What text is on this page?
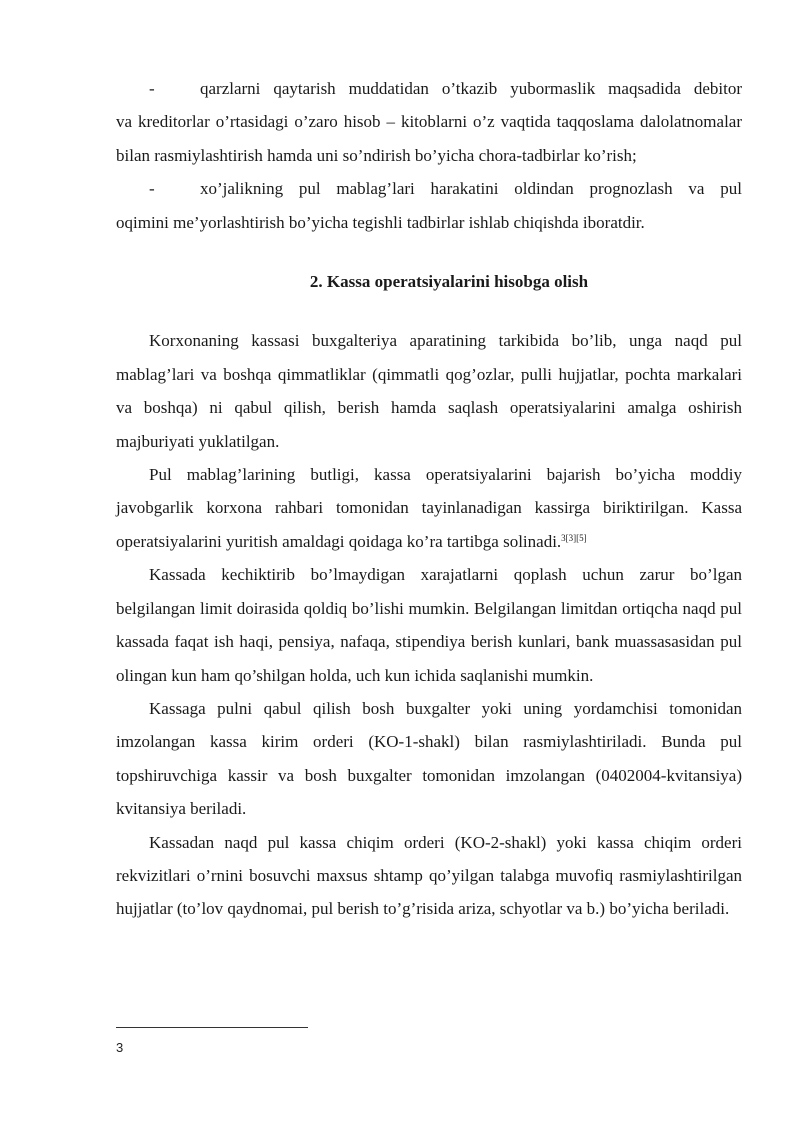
-	qarzlarni qaytarish muddatidan o’tkazib yubormaslik maqsadida debitor
va kreditorlar o’rtasidagi o’zaro hisob – kitoblarni o’z vaqtida taqqoslama dalolatnomalar bilan rasmiylashtirish hamda uni so’ndirish bo’yicha chora-tadbirlar ko’rish;
-	xo’jalikning pul mablag’lari harakatini oldindan prognozlash va pul
oqimini me’yorlashtirish bo’yicha tegishli tadbirlar ishlab chiqishda iboratdir.
2. Kassa operatsiyalarini hisobga olish

Korxonaning kassasi buxgalteriya aparatining tarkibida bo’lib, unga naqd pul mablag’lari va boshqa qimmatliklar (qimmatli qog’ozlar, pulli hujjatlar, pochta markalari va boshqa) ni qabul qilish, berish hamda saqlash operatsiyalarini amalga oshirish majburiyati yuklatilgan.

Pul mablag’larining butligi, kassa operatsiyalarini bajarish bo’yicha moddiy javobgarlik korxona rahbari tomonidan tayinlanadigan kassirga biriktirilgan. Kassa operatsiyalarini yuritish amaldagi qoidaga ko’ra tartibga solinadi.$^{3[3][5]}$

Kassada kechiktirib bo’lmaydigan xarajatlarni qoplash uchun zarur bo’lgan belgilangan limit doirasida qoldiq bo’lishi mumkin. Belgilangan limitdan ortiqcha naqd pul kassada faqat ish haqi, pensiya, nafaqa, stipendiya berish kunlari, bank muassasasidan pul olingan kun ham qo’shilgan holda, uch kun ichida saqlanishi mumkin.

Kassaga pulni qabul qilish bosh buxgalter yoki uning yordamchisi tomonidan imzolangan kassa kirim orderi (KO-1-shakl) bilan rasmiylashtiriladi. Bunda pul topshiruvchiga kassir va bosh buxgalter tomonidan imzolangan (0402004-kvitansiya) kvitansiya beriladi.

Kassadan naqd pul kassa chiqim orderi (KO-2-shakl) yoki kassa chiqim orderi rekvizitlari o’rnini bosuvchi maxsus shtamp qo’yilgan talabga muvofiq rasmiylashtirilgan hujjatlar (to’lov qaydnomai, pul berish to’g’risida ariza, schyotlar va b.) bo’yicha beriladi.

3
